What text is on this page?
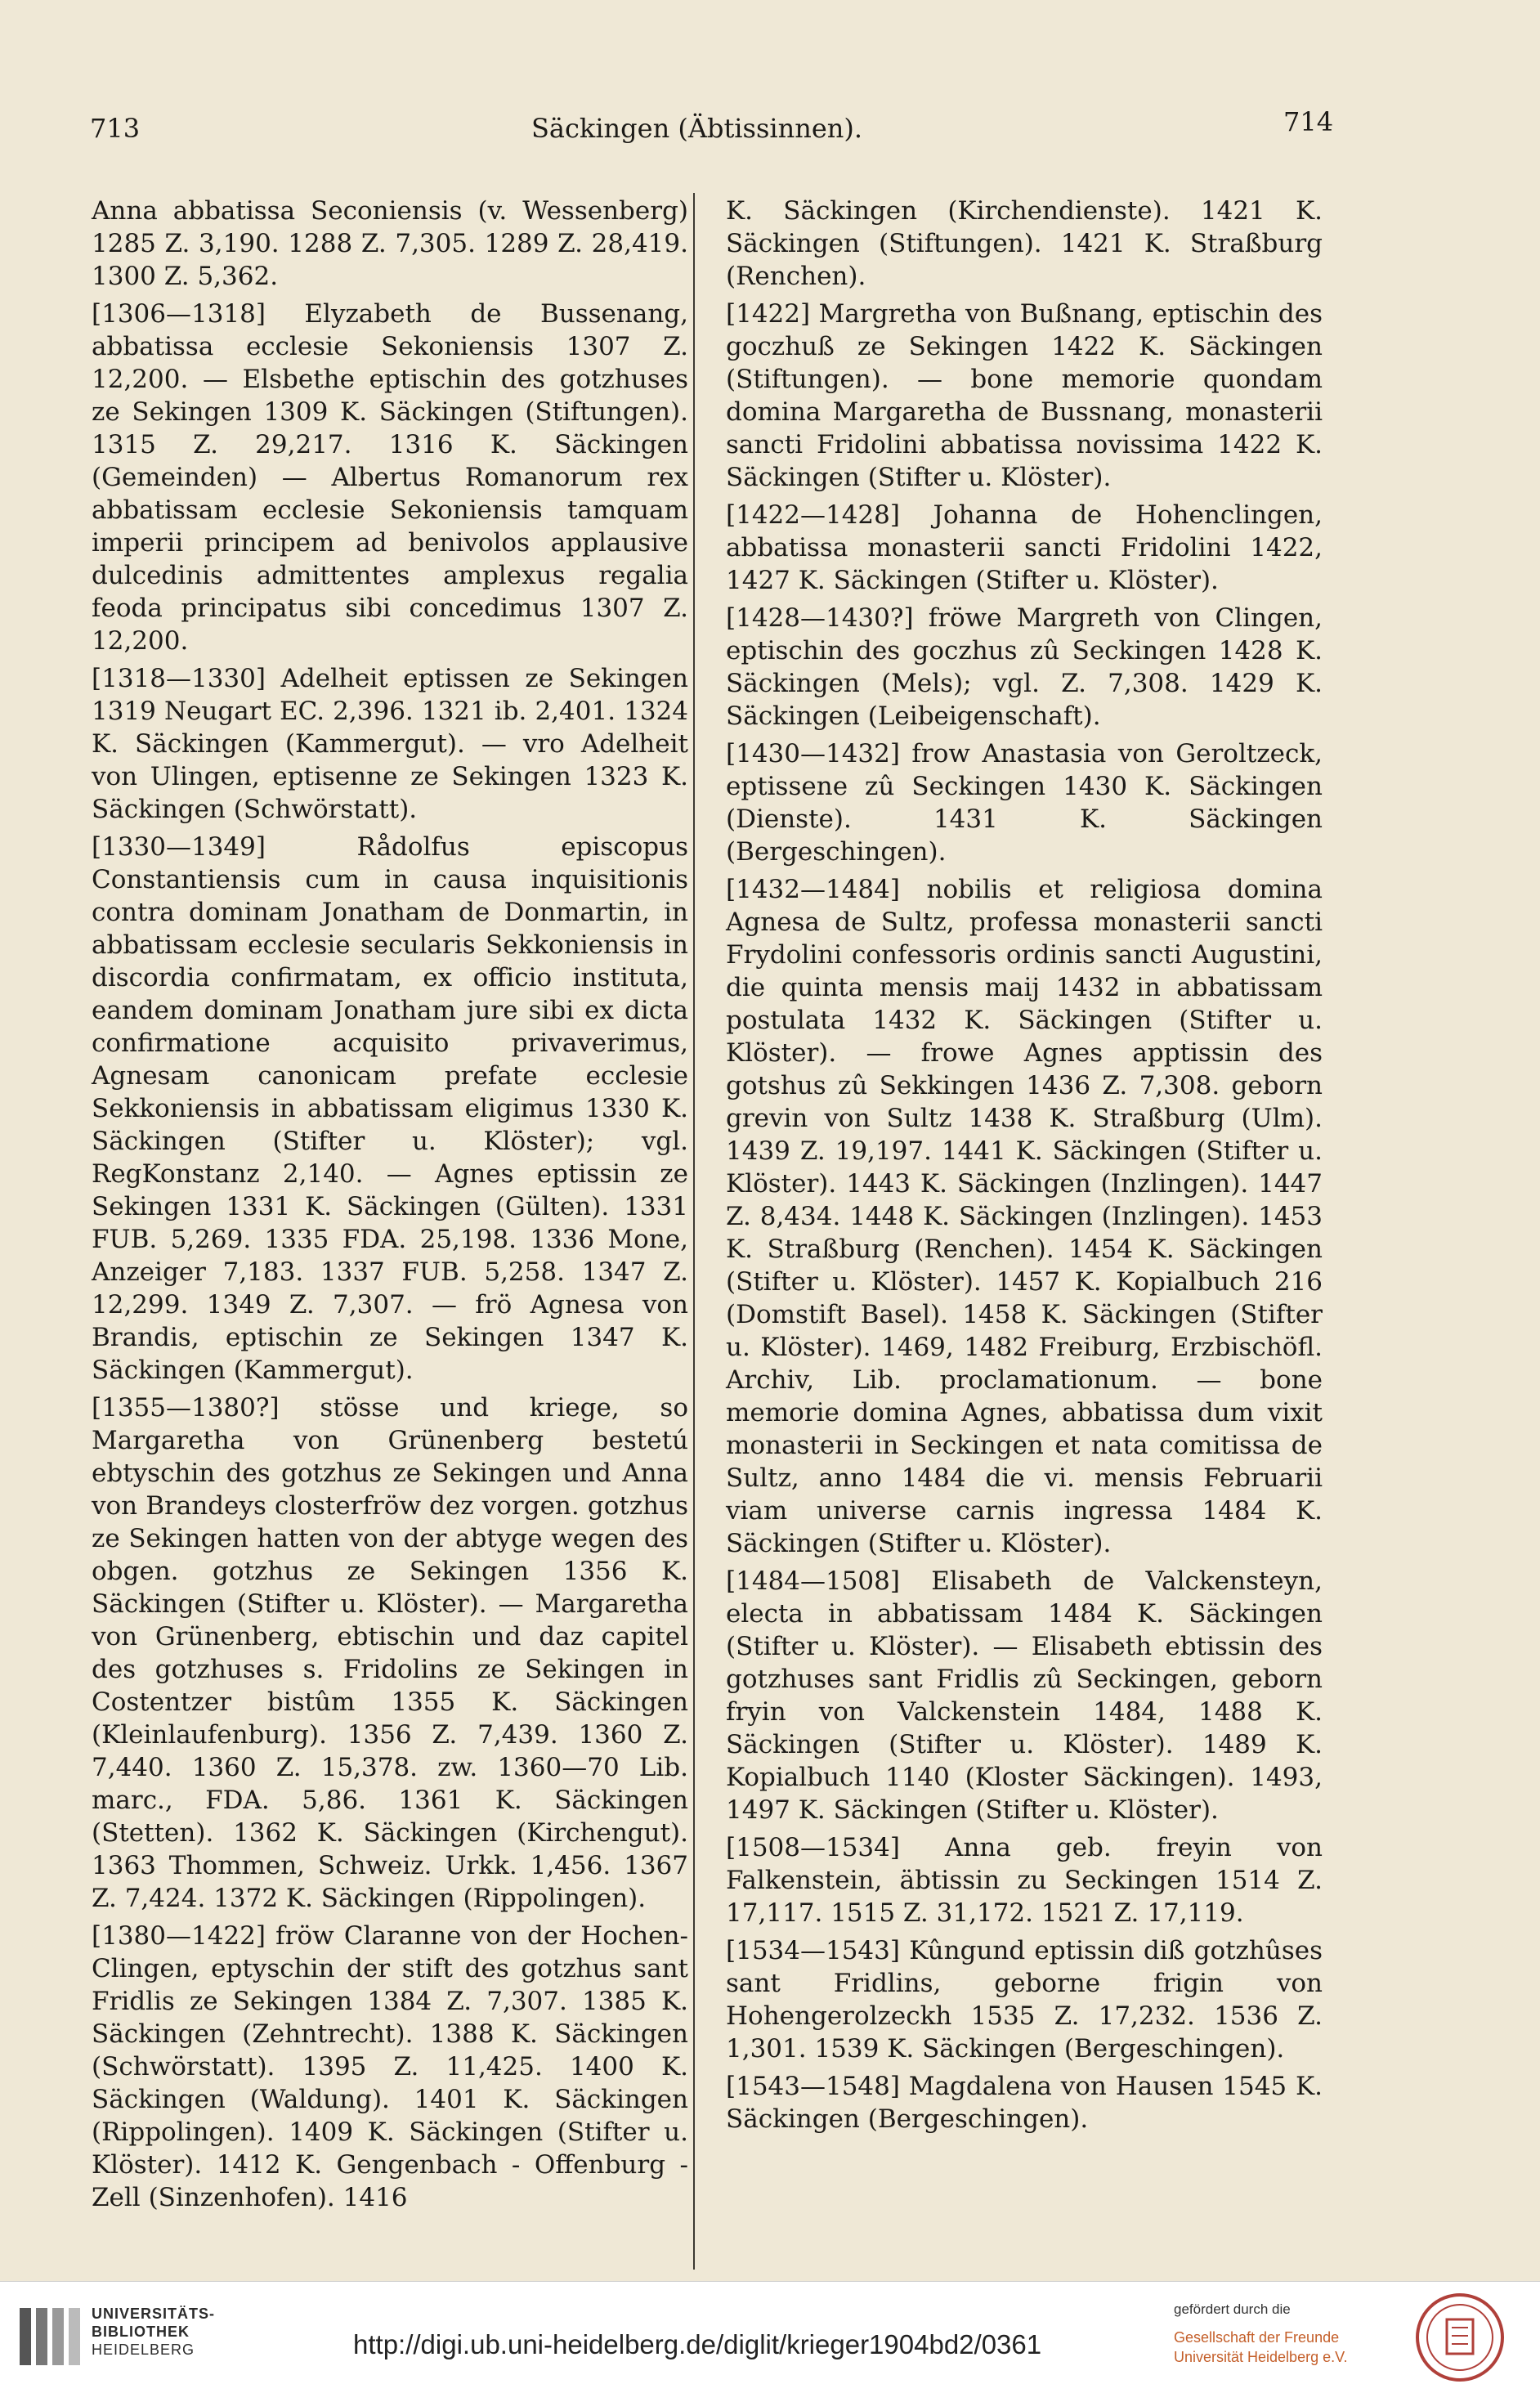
713	Säckingen (Äbtissinnen).	714

Anna abbatissa Seconiensis (v. Wessenberg) 1285 Z. 3,190. 1288 Z. 7,305. 1289 Z. 28,419. 1300 Z. 5,362.

[1306—1318] Elyzabeth de Bussenang, abbatissa ecclesie Sekoniensis 1307 Z. 12,200. — Elsbethe eptischin des gotzhuses ze Sekingen 1309 K. Säckingen (Stiftungen). 1315 Z. 29,217. 1316 K. Säckingen (Gemeinden) — Albertus Romanorum rex abbatissam ecclesie Sekoniensis tamquam imperii principem ad benivolos applausive dulcedinis admittentes amplexus regalia feoda principatus sibi concedimus 1307 Z. 12,200.

[1318—1330] Adelheit eptissen ze Sekingen 1319 Neugart EC. 2,396. 1321 ib. 2,401. 1324 K. Säckingen (Kammergut). — vro Adelheit von Ulingen, eptisenne ze Sekingen 1323 K. Säckingen (Schwörstatt).

[1330—1349] Rådolfus episcopus Constantiensis cum in causa inquisitionis contra dominam Jonatham de Donmartin, in abbatissam ecclesie secularis Sekkoniensis in discordia confirmatam, ex officio instituta, eandem dominam Jonatham jure sibi ex dicta confirmatione acquisito privaverimus, Agnesam canonicam prefate ecclesie Sekkoniensis in abbatissam eligimus 1330 K. Säckingen (Stifter u. Klöster); vgl. RegKonstanz 2,140. — Agnes eptissin ze Sekingen 1331 K. Säckingen (Gülten). 1331 FUB. 5,269. 1335 FDA. 25,198. 1336 Mone, Anzeiger 7,183. 1337 FUB. 5,258. 1347 Z. 12,299. 1349 Z. 7,307. — frö Agnesa von Brandis, eptischin ze Sekingen 1347 K. Säckingen (Kammergut).

[1355—1380?] stösse und kriege, so Margaretha von Grünenberg bestetú ebtyschin des gotzhus ze Sekingen und Anna von Brandeys closterfröw dez vorgen. gotzhus ze Sekingen hatten von der abtyge wegen des obgen. gotzhus ze Sekingen 1356 K. Säckingen (Stifter u. Klöster). — Margaretha von Grünenberg, ebtischin und daz capitel des gotzhuses s. Fridolins ze Sekingen in Costentzer bistûm 1355 K. Säckingen (Kleinlaufenburg). 1356 Z. 7,439. 1360 Z. 7,440. 1360 Z. 15,378. zw. 1360—70 Lib. marc., FDA. 5,86. 1361 K. Säckingen (Stetten). 1362 K. Säckingen (Kirchengut). 1363 Thommen, Schweiz. Urkk. 1,456. 1367 Z. 7,424. 1372 K. Säckingen (Rippolingen).

[1380—1422] fröw Claranne von der Hochen-Clingen, eptyschin der stift des gotzhus sant Fridlis ze Sekingen 1384 Z. 7,307. 1385 K. Säckingen (Zehntrecht). 1388 K. Säckingen (Schwörstatt). 1395 Z. 11,425. 1400 K. Säckingen (Waldung). 1401 K. Säckingen (Rippolingen). 1409 K. Säckingen (Stifter u. Klöster). 1412 K. Gengenbach - Offenburg - Zell (Sinzenhofen). 1416

K. Säckingen (Kirchendienste). 1421 K. Säckingen (Stiftungen). 1421 K. Straßburg (Renchen).

[1422] Margretha von Bußnang, eptischin des goczhuß ze Sekingen 1422 K. Säckingen (Stiftungen). — bone memorie quondam domina Margaretha de Bussnang, monasterii sancti Fridolini abbatissa novissima 1422 K. Säckingen (Stifter u. Klöster).

[1422—1428] Johanna de Hohenclingen, abbatissa monasterii sancti Fridolini 1422, 1427 K. Säckingen (Stifter u. Klöster).

[1428—1430?] fröwe Margreth von Clingen, eptischin des goczhus zû Seckingen 1428 K. Säckingen (Mels); vgl. Z. 7,308. 1429 K. Säckingen (Leibeigenschaft).

[1430—1432] frow Anastasia von Geroltzeck, eptissene zû Seckingen 1430 K. Säckingen (Dienste). 1431 K. Säckingen (Bergeschingen).

[1432—1484] nobilis et religiosa domina Agnesa de Sultz, professa monasterii sancti Frydolini confessoris ordinis sancti Augustini, die quinta mensis maij 1432 in abbatissam postulata 1432 K. Säckingen (Stifter u. Klöster). — frowe Agnes apptissin des gotshus zû Sekkingen 1436 Z. 7,308. geborn grevin von Sultz 1438 K. Straßburg (Ulm). 1439 Z. 19,197. 1441 K. Säckingen (Stifter u. Klöster). 1443 K. Säckingen (Inzlingen). 1447 Z. 8,434. 1448 K. Säckingen (Inzlingen). 1453 K. Straßburg (Renchen). 1454 K. Säckingen (Stifter u. Klöster). 1457 K. Kopialbuch 216 (Domstift Basel). 1458 K. Säckingen (Stifter u. Klöster). 1469, 1482 Freiburg, Erzbischöfl. Archiv, Lib. proclamationum. — bone memorie domina Agnes, abbatissa dum vixit monasterii in Seckingen et nata comitissa de Sultz, anno 1484 die vi. mensis Februarii viam universe carnis ingressa 1484 K. Säckingen (Stifter u. Klöster).

[1484—1508] Elisabeth de Valckensteyn, electa in abbatissam 1484 K. Säckingen (Stifter u. Klöster). — Elisabeth ebtissin des gotzhuses sant Fridlis zû Seckingen, geborn fryin von Valckenstein 1484, 1488 K. Säckingen (Stifter u. Klöster). 1489 K. Kopialbuch 1140 (Kloster Säckingen). 1493, 1497 K. Säckingen (Stifter u. Klöster).

[1508—1534] Anna geb. freyin von Falkenstein, äbtissin zu Seckingen 1514 Z. 17,117. 1515 Z. 31,172. 1521 Z. 17,119.

[1534—1543] Kûngund eptissin diß gotzhûses sant Fridlins, geborne frigin von Hohengerolzeckh 1535 Z. 17,232. 1536 Z. 1,301. 1539 K. Säckingen (Bergeschingen).

[1543—1548] Magdalena von Hausen 1545 K. Säckingen (Bergeschingen).

UNIVERSITÄTS-
BIBLIOTHEK
HEIDELBERG	http://digi.ub.uni-heidelberg.de/diglit/krieger1904bd2/0361
gefördert durch die
Gesellschaft der Freunde
Universität Heidelberg e.V.
